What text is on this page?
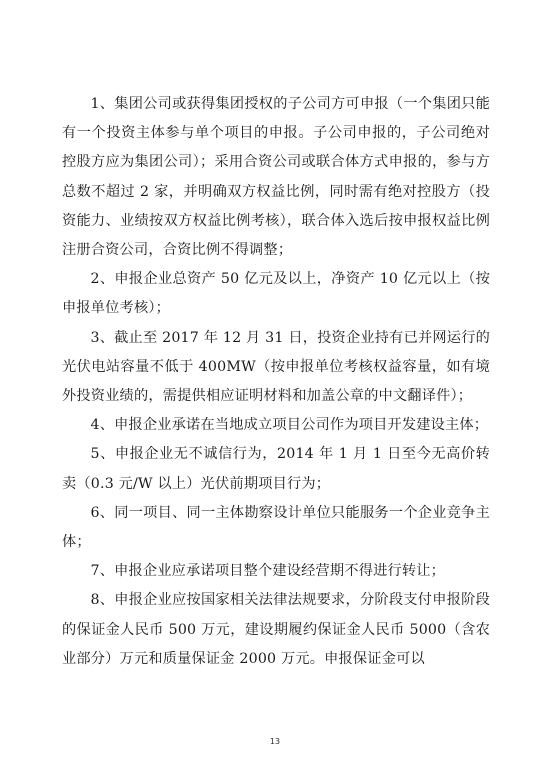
1、集团公司或获得集团授权的子公司方可申报（一个集团只能有一个投资主体参与单个项目的申报。子公司申报的，子公司绝对控股方应为集团公司）；采用合资公司或联合体方式申报的，参与方总数不超过 2 家，并明确双方权益比例，同时需有绝对控股方（投资能力、业绩按双方权益比例考核），联合体入选后按申报权益比例注册合资公司，合资比例不得调整；

2、申报企业总资产 50 亿元及以上，净资产 10 亿元以上（按申报单位考核）；

3、截止至 2017 年 12 月 31 日，投资企业持有已并网运行的光伏电站容量不低于 400MW（按申报单位考核权益容量，如有境外投资业绩的，需提供相应证明材料和加盖公章的中文翻译件）；

4、申报企业承诺在当地成立项目公司作为项目开发建设主体；

5、申报企业无不诚信行为，2014 年 1 月 1 日至今无高价转卖（0.3 元/W 以上）光伏前期项目行为；

6、同一项目、同一主体勘察设计单位只能服务一个企业竞争主体；

7、申报企业应承诺项目整个建设经营期不得进行转让；

8、申报企业应按国家相关法律法规要求，分阶段支付申报阶段的保证金人民币 500 万元，建设期履约保证金人民币 5000（含农业部分）万元和质量保证金 2000 万元。申报保证金可以

13
